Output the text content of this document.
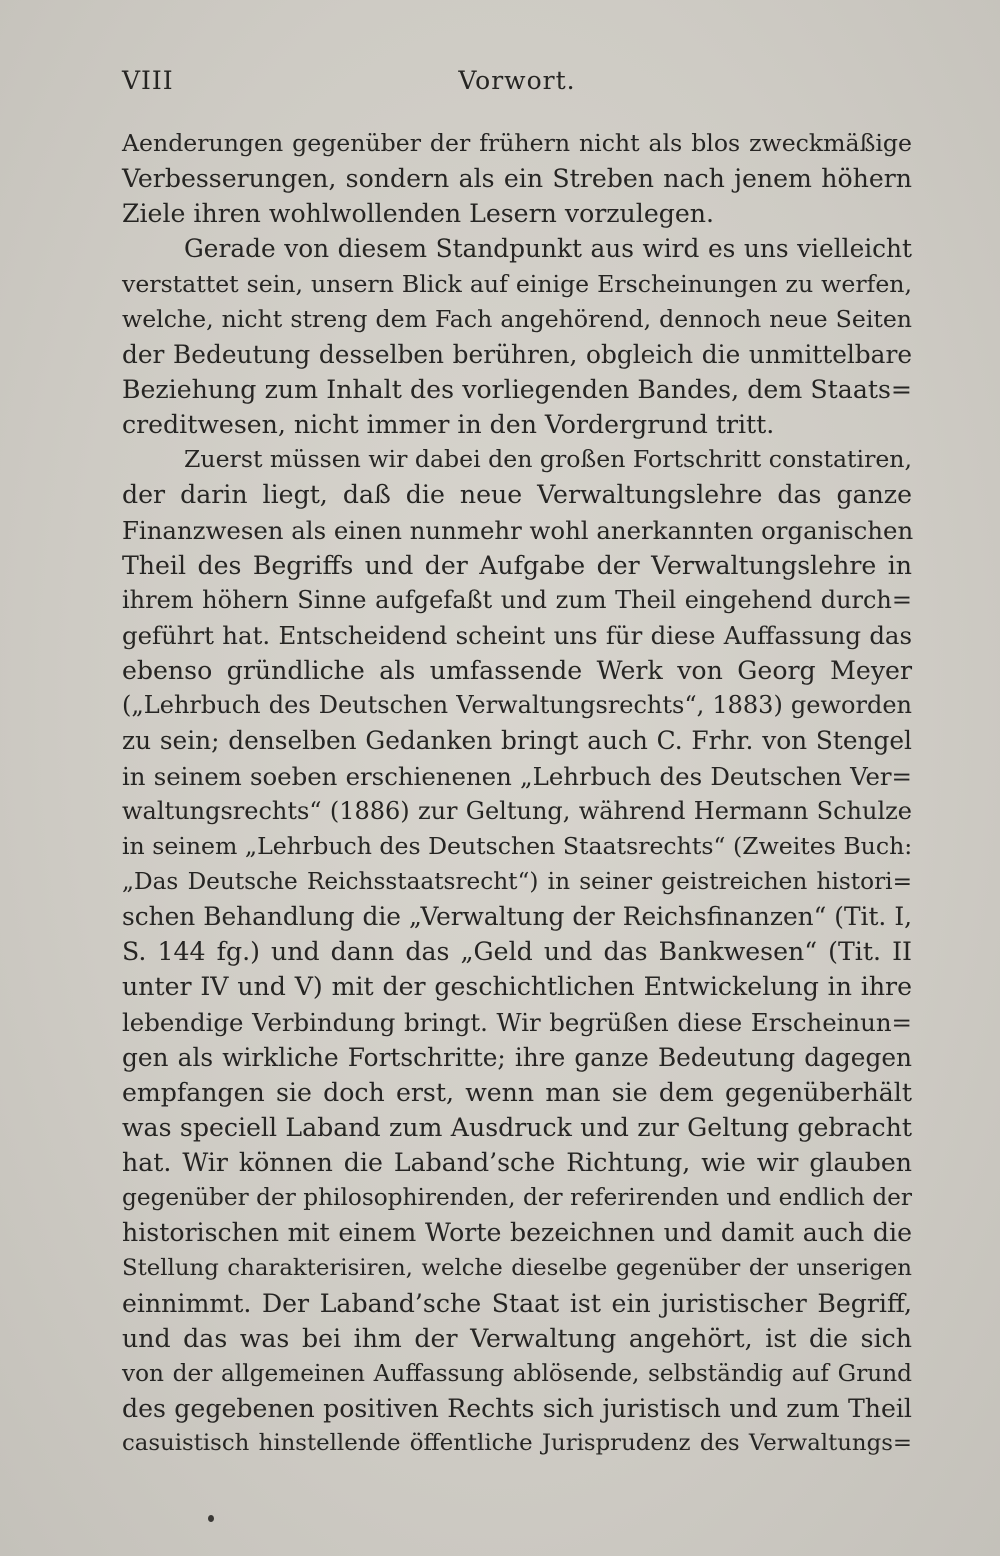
VIII	Vorwort.
Aenderungen gegenüber der frühern nicht als blos zweckmäßige
Verbesserungen, sondern als ein Streben nach jenem höhern
Ziele ihren wohlwollenden Lesern vorzulegen.
Gerade von diesem Standpunkt aus wird es uns vielleicht
verstattet sein, unsern Blick auf einige Erscheinungen zu werfen,
welche, nicht streng dem Fach angehörend, dennoch neue Seiten
der Bedeutung desselben berühren, obgleich die unmittelbare
Beziehung zum Inhalt des vorliegenden Bandes, dem Staats=
creditwesen, nicht immer in den Vordergrund tritt.
Zuerst müssen wir dabei den großen Fortschritt constatiren,
der darin liegt, daß die neue Verwaltungslehre das ganze
Finanzwesen als einen nunmehr wohl anerkannten organischen
Theil des Begriffs und der Aufgabe der Verwaltungslehre in
ihrem höhern Sinne aufgefaßt und zum Theil eingehend durch=
geführt hat. Entscheidend scheint uns für diese Auffassung das
ebenso gründliche als umfassende Werk von Georg Meyer
(„Lehrbuch des Deutschen Verwaltungsrechts“, 1883) geworden
zu sein; denselben Gedanken bringt auch C. Frhr. von Stengel
in seinem soeben erschienenen „Lehrbuch des Deutschen Ver=
waltungsrechts“ (1886) zur Geltung, während Hermann Schulze
in seinem „Lehrbuch des Deutschen Staatsrechts“ (Zweites Buch:
„Das Deutsche Reichsstaatsrecht“) in seiner geistreichen histori=
schen Behandlung die „Verwaltung der Reichsfinanzen“ (Tit. I,
S. 144 fg.) und dann das „Geld und das Bankwesen“ (Tit. II
unter IV und V) mit der geschichtlichen Entwickelung in ihre
lebendige Verbindung bringt. Wir begrüßen diese Erscheinun=
gen als wirkliche Fortschritte; ihre ganze Bedeutung dagegen
empfangen sie doch erst, wenn man sie dem gegenüberhält
was speciell Laband zum Ausdruck und zur Geltung gebracht
hat. Wir können die Laband’sche Richtung, wie wir glauben
gegenüber der philosophirenden, der referirenden und endlich der
historischen mit einem Worte bezeichnen und damit auch die
Stellung charakterisiren, welche dieselbe gegenüber der unserigen
einnimmt. Der Laband’sche Staat ist ein juristischer Begriff,
und das was bei ihm der Verwaltung angehört, ist die sich
von der allgemeinen Auffassung ablösende, selbständig auf Grund
des gegebenen positiven Rechts sich juristisch und zum Theil
casuistisch hinstellende öffentliche Jurisprudenz des Verwaltungs=
